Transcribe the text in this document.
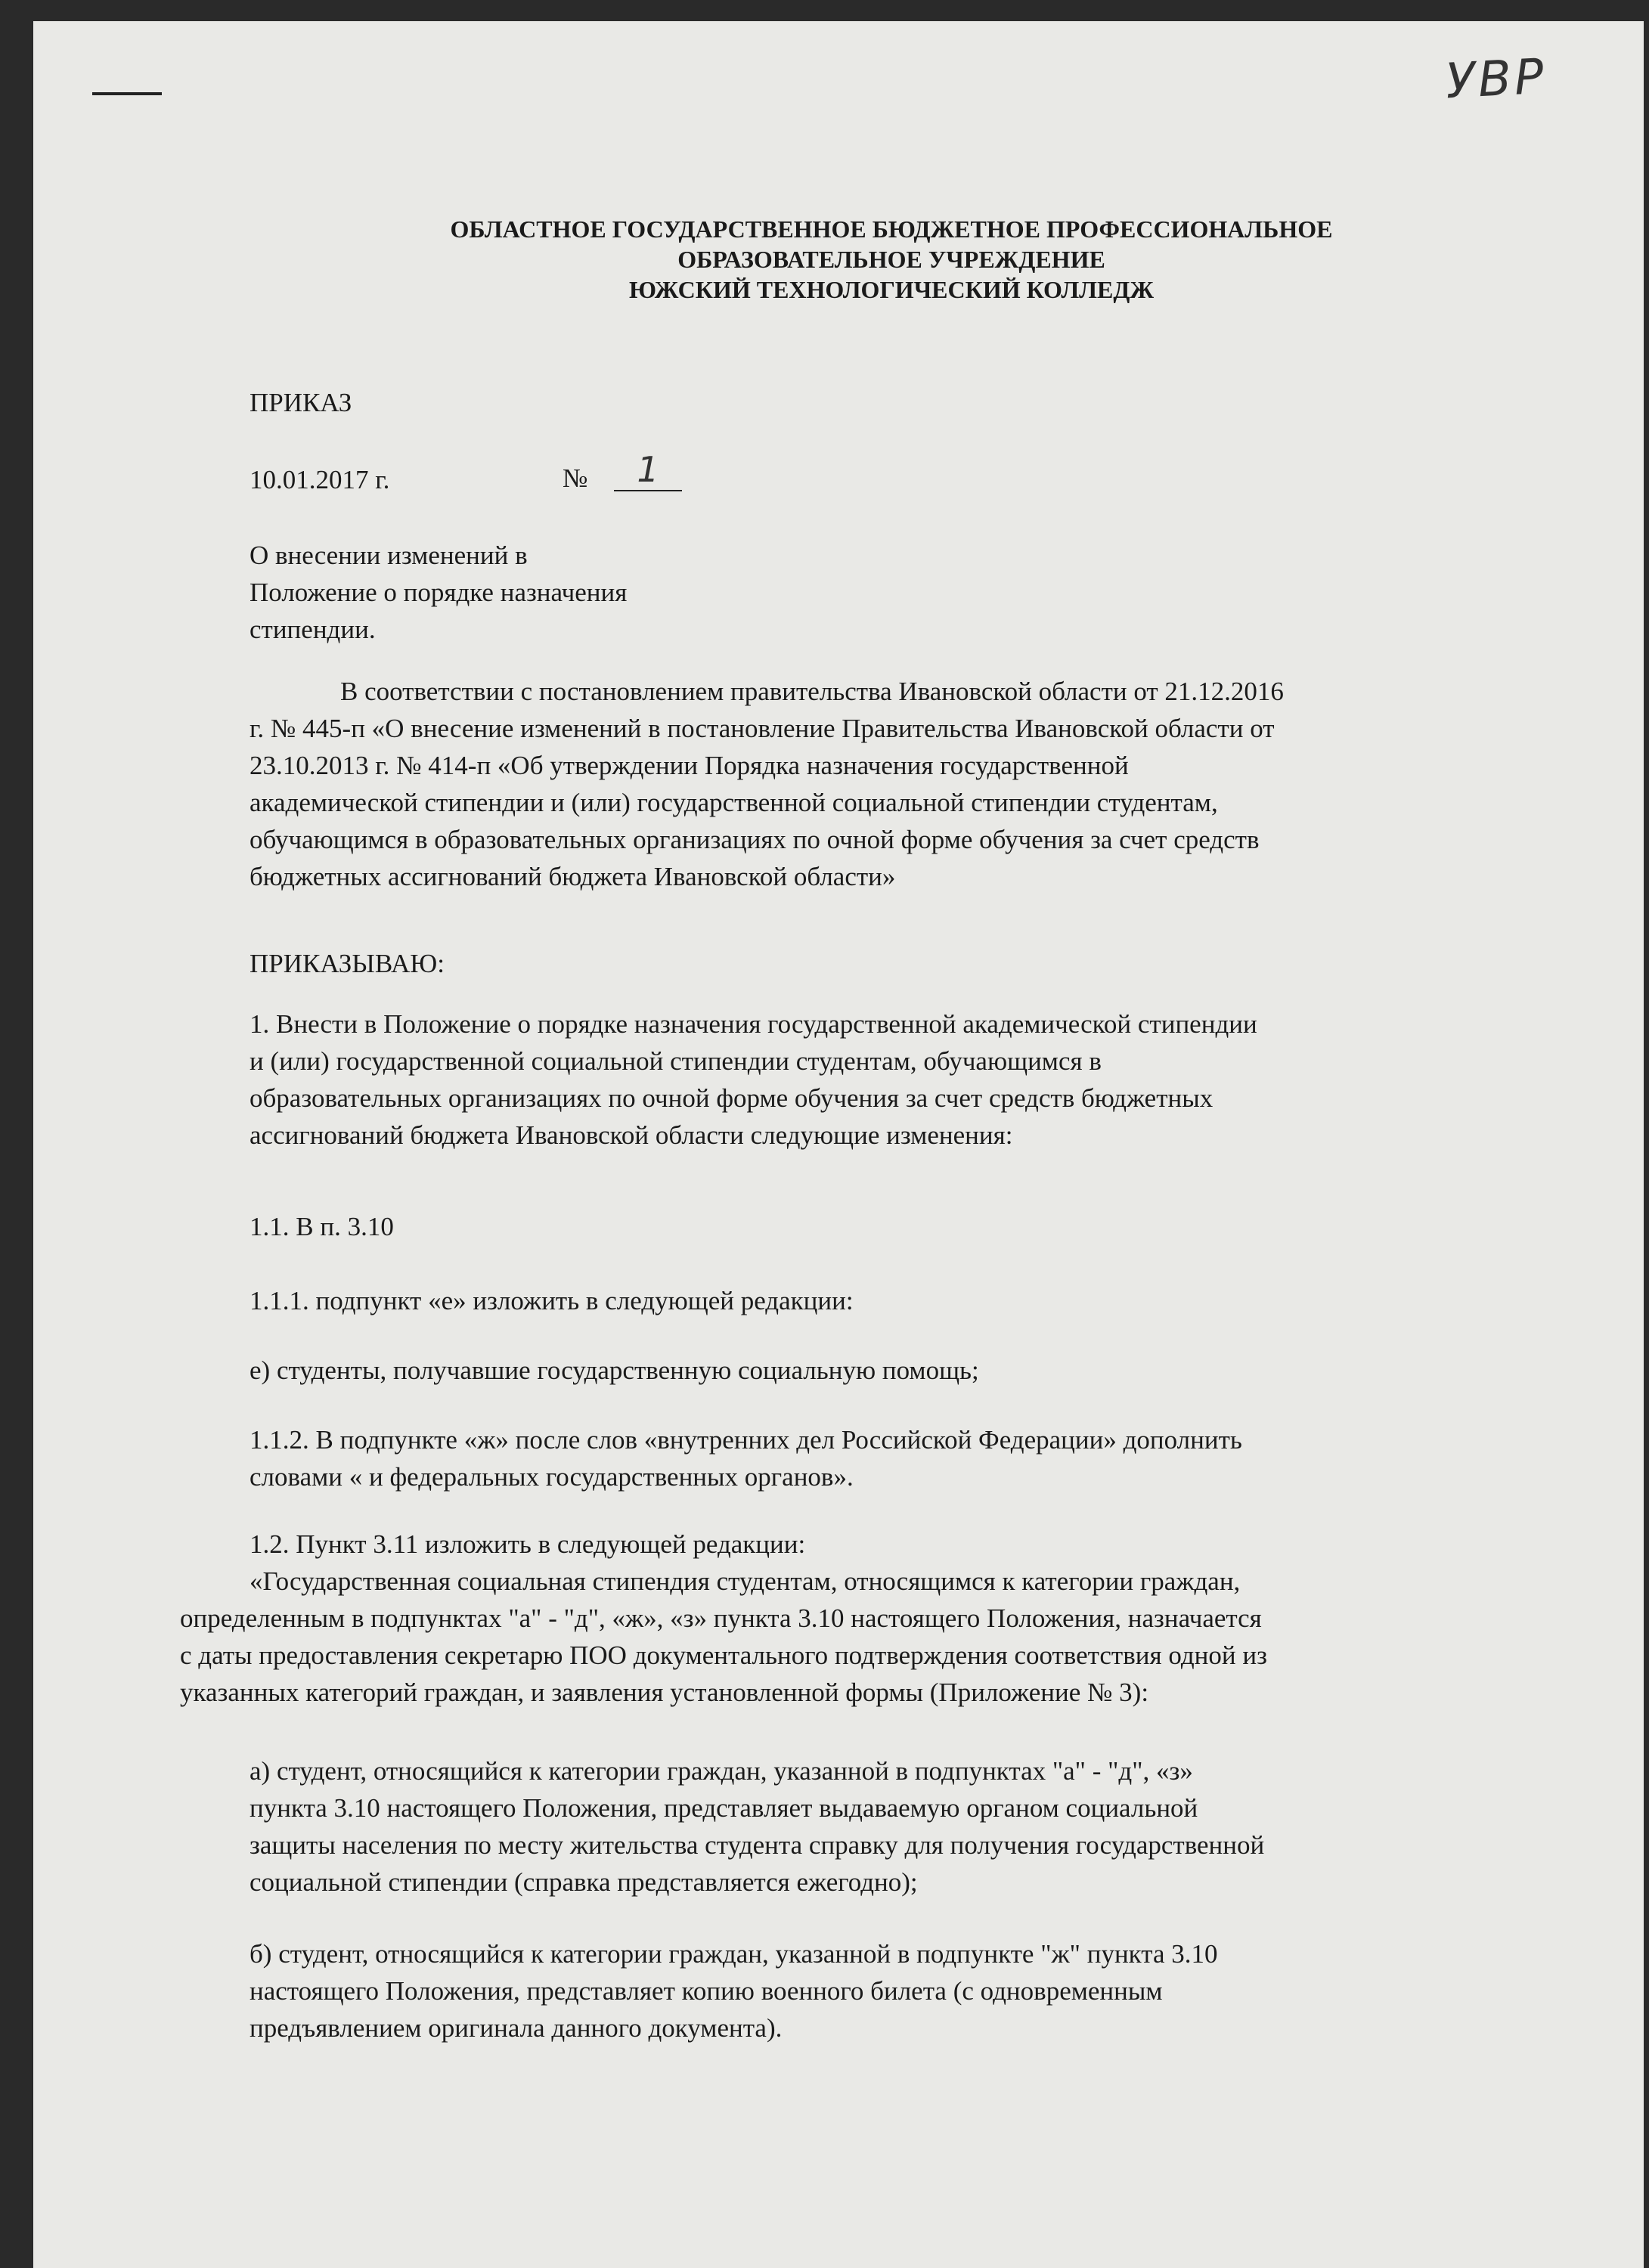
УВР
ОБЛАСТНОЕ ГОСУДАРСТВЕННОЕ БЮДЖЕТНОЕ ПРОФЕССИОНАЛЬНОЕ
ОБРАЗОВАТЕЛЬНОЕ УЧРЕЖДЕНИЕ
ЮЖСКИЙ ТЕХНОЛОГИЧЕСКИЙ КОЛЛЕДЖ
ПРИКАЗ
10.01.2017 г.	№	1
О внесении изменений в
Положение о порядке назначения
стипендии.
В соответствии с постановлением правительства Ивановской области от 21.12.2016
г. № 445-п «О внесение изменений в постановление Правительства Ивановской области от
23.10.2013 г. № 414-п «Об утверждении Порядка назначения государственной
академической стипендии и (или) государственной социальной стипендии студентам,
обучающимся в образовательных организациях по очной форме обучения за счет средств
бюджетных ассигнований бюджета Ивановской области»
ПРИКАЗЫВАЮ:
1. Внести в Положение о порядке назначения государственной академической стипендии
и (или) государственной социальной стипендии студентам, обучающимся в
образовательных организациях по очной форме обучения за счет средств бюджетных
ассигнований бюджета Ивановской области следующие изменения:
1.1. В п. 3.10
1.1.1. подпункт «е» изложить в следующей редакции:
е) студенты, получавшие государственную социальную помощь;
1.1.2. В подпункте «ж» после слов «внутренних дел Российской Федерации» дополнить
словами « и федеральных государственных органов».
1.2. Пункт 3.11 изложить в следующей редакции:
«Государственная социальная стипендия студентам, относящимся к категории граждан,
определенным в подпунктах "а" - "д", «ж», «з» пункта 3.10 настоящего Положения, назначается
с даты предоставления секретарю ПОО документального подтверждения соответствия одной из
указанных категорий граждан, и заявления установленной формы (Приложение № 3):
а) студент, относящийся к категории граждан, указанной в подпунктах "а" - "д", «з»
пункта 3.10 настоящего Положения, представляет выдаваемую органом социальной
защиты населения по месту жительства студента справку для получения государственной
социальной стипендии (справка представляется ежегодно);
б) студент, относящийся к категории граждан, указанной в подпункте "ж" пункта 3.10
настоящего Положения, представляет копию военного билета (с одновременным
предъявлением оригинала данного документа).
